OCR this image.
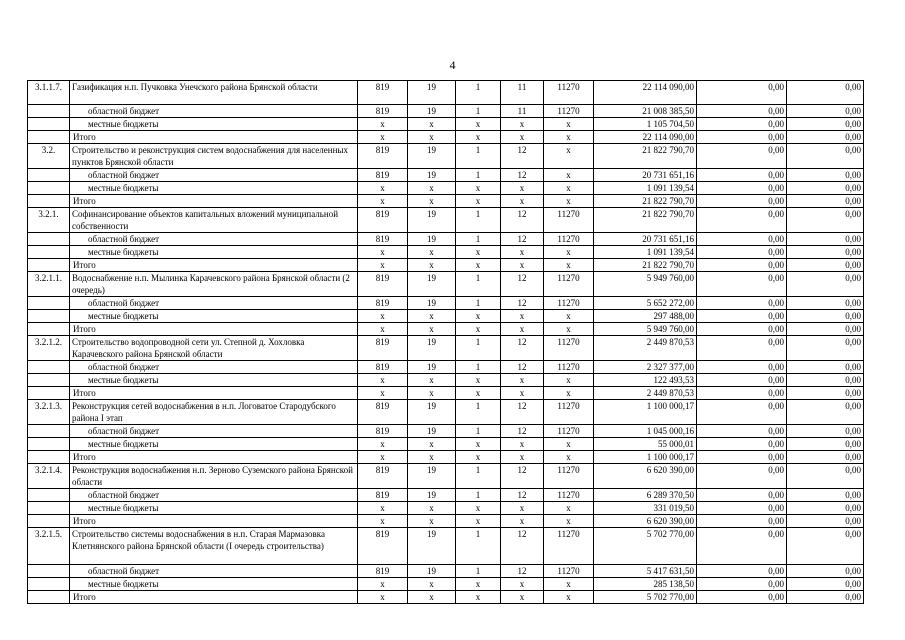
4
3.1.1.7.	Газификация н.п. Пучковка Унечского района Брянской области	819	19	1	11	11270	22 114 090,00	0,00	0,00
	областной бюджет	819	19	1	11	11270	21 008 385,50	0,00	0,00
	местные бюджеты	х	х	х	х	х	1 105 704,50	0,00	0,00
	Итого	х	х	х	х	х	22 114 090,00	0,00	0,00
3.2.	Строительство и реконструкция систем водоснабжения для населенных пунктов Брянской области	819	19	1	12	х	21 822 790,70	0,00	0,00
	областной бюджет	819	19	1	12	х	20 731 651,16	0,00	0,00
	местные бюджеты	х	х	х	х	х	1 091 139,54	0,00	0,00
	Итого	х	х	х	х	х	21 822 790,70	0,00	0,00
3.2.1.	Софинансирование объектов капитальных вложений муниципальной собственности	819	19	1	12	11270	21 822 790,70	0,00	0,00
	областной бюджет	819	19	1	12	11270	20 731 651,16	0,00	0,00
	местные бюджеты	х	х	х	х	х	1 091 139,54	0,00	0,00
	Итого	х	х	х	х	х	21 822 790,70	0,00	0,00
3.2.1.1.	Водоснабжение н.п. Мылинка Карачевского района Брянской области (2 очередь)	819	19	1	12	11270	5 949 760,00	0,00	0,00
	областной бюджет	819	19	1	12	11270	5 652 272,00	0,00	0,00
	местные бюджеты	х	х	х	х	х	297 488,00	0,00	0,00
	Итого	х	х	х	х	х	5 949 760,00	0,00	0,00
3.2.1.2.	Строительство водопроводной сети ул. Степной д. Хохловка Карачевского района Брянской области	819	19	1	12	11270	2 449 870,53	0,00	0,00
	областной бюджет	819	19	1	12	11270	2 327 377,00	0,00	0,00
	местные бюджеты	х	х	х	х	х	122 493,53	0,00	0,00
	Итого	х	х	х	х	х	2 449 870,53	0,00	0,00
3.2.1.3.	Реконструкция сетей водоснабжения в н.п. Логоватое Стародубского района I этап	819	19	1	12	11270	1 100 000,17	0,00	0,00
	областной бюджет	819	19	1	12	11270	1 045 000,16	0,00	0,00
	местные бюджеты	х	х	х	х	х	55 000,01	0,00	0,00
	Итого	х	х	х	х	х	1 100 000,17	0,00	0,00
3.2.1.4.	Реконструкция водоснабжения н.п. Зерново Суземского района Брянской области	819	19	1	12	11270	6 620 390,00	0,00	0,00
	областной бюджет	819	19	1	12	11270	6 289 370,50	0,00	0,00
	местные бюджеты	х	х	х	х	х	331 019,50	0,00	0,00
	Итого	х	х	х	х	х	6 620 390,00	0,00	0,00
3.2.1.5.	Строительство системы водоснабжения в н.п. Старая Мармазовка Клетнянского района Брянской области (I очередь строительства)	819	19	1	12	11270	5 702 770,00	0,00	0,00
	областной бюджет	819	19	1	12	11270	5 417 631,50	0,00	0,00
	местные бюджеты	х	х	х	х	х	285 138,50	0,00	0,00
	Итого	х	х	х	х	х	5 702 770,00	0,00	0,00
